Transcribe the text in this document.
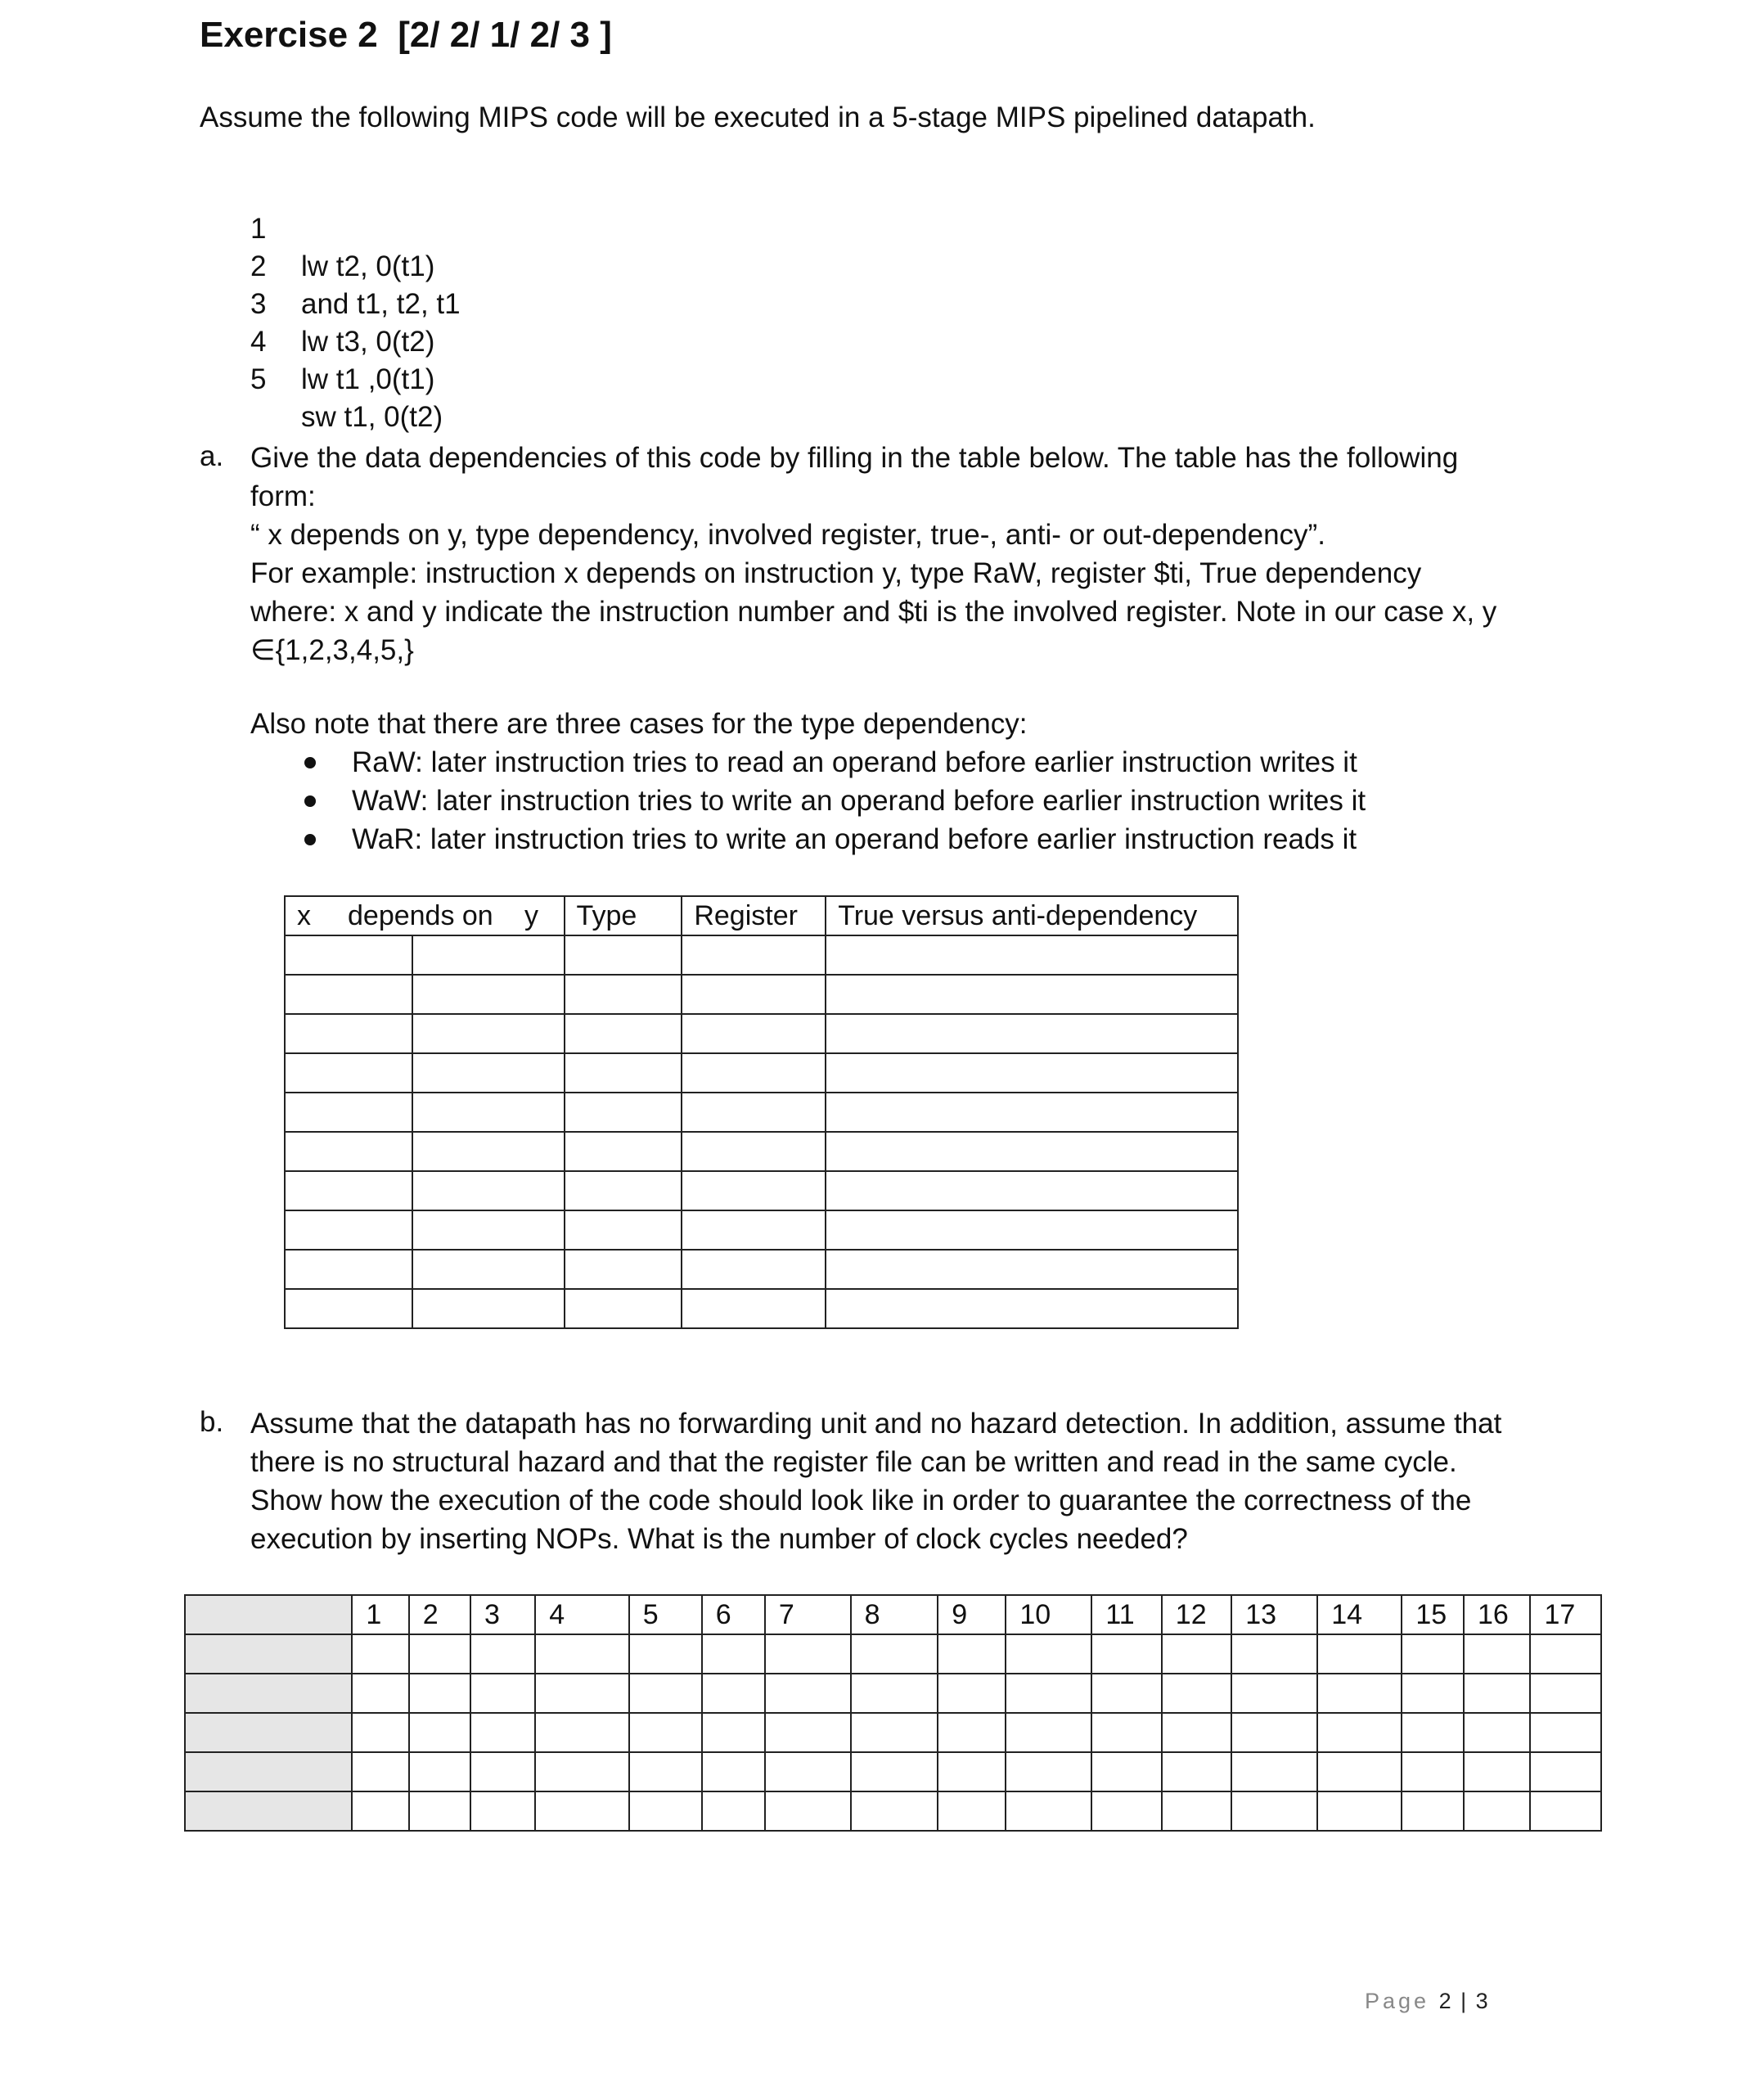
Exercise 2  [2/ 2/ 1/ 2/ 3 ]
Assume the following MIPS code will be executed in a 5-stage MIPS pipelined datapath.

1

lw t2, 0(t1)

2

and t1, t2, t1

3

lw t3, 0(t2)

4

lw t1 ,0(t1)

5

sw t1, 0(t2)

a. Give the data dependencies of this code by filling in the table below. The table has the following
form:
“ x depends on y, type dependency, involved register, true-, anti- or out-dependency”.
For example: instruction x depends on instruction y, type RaW, register $ti, True dependency
where: x and y indicate the instruction number and $ti is the involved register. Note in our case x, y
∈{1,2,3,4,5,}
Also note that there are three cases for the type dependency:
RaW: later instruction tries to read an operand before earlier instruction writes it
WaW: later instruction tries to write an operand before earlier instruction writes it
WaR: later instruction tries to write an operand before earlier instruction reads it
x depends on y		Type	Register	True versus anti-dependency

b. Assume that the datapath has no forwarding unit and no hazard detection. In addition, assume that
there is no structural hazard and that the register file can be written and read in the same cycle.
Show how the execution of the code should look like in order to guarantee the correctness of the
execution by inserting NOPs. What is the number of clock cycles needed?
	1	2	3	4	5	6	7	8	9	10	11	12	13	14	15	16	17

Page 2 | 3
